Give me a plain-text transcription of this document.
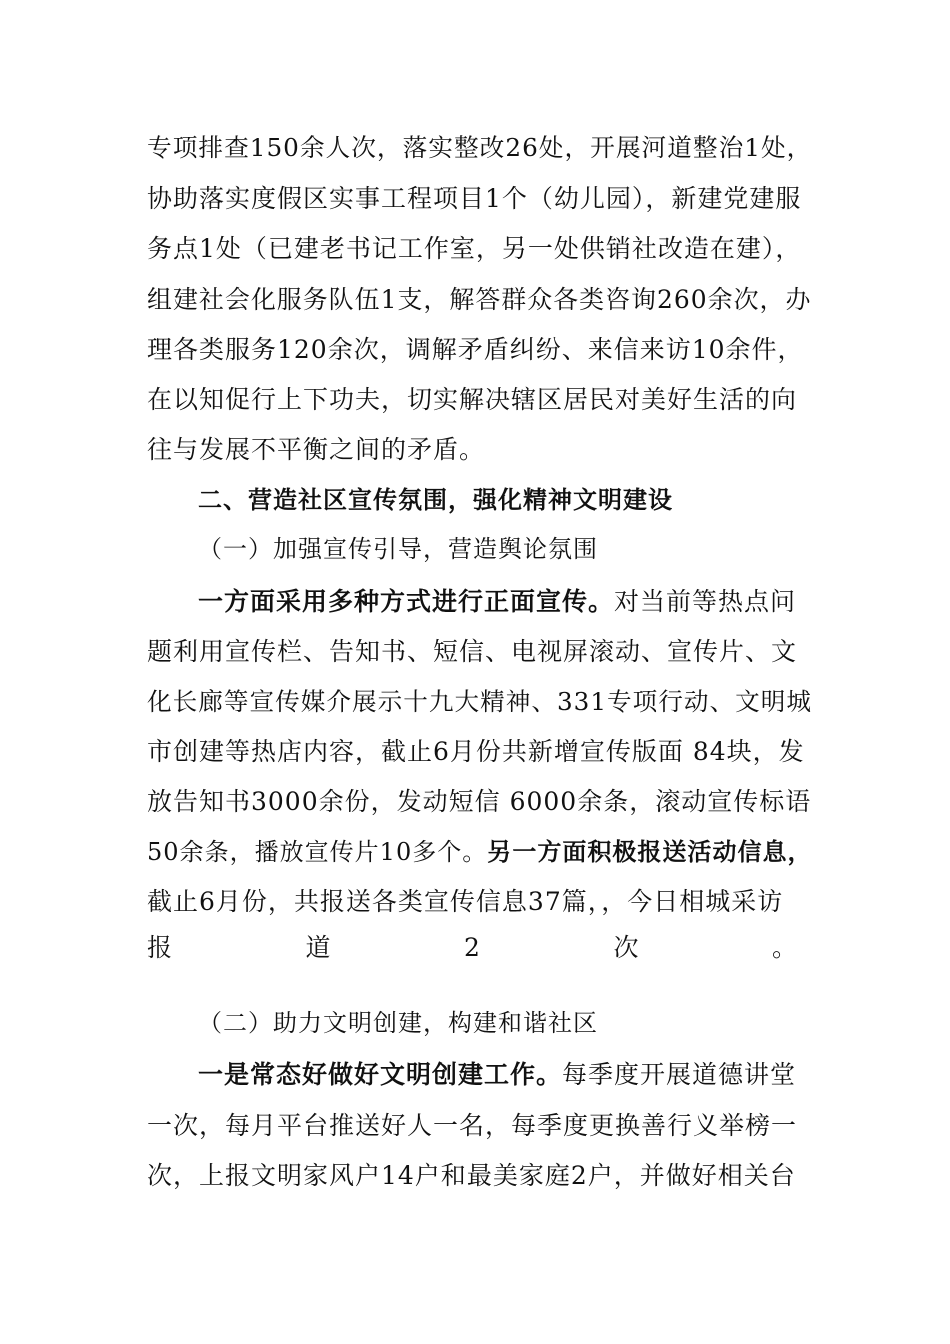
专项排查150余人次，落实整改26处，开展河道整治1处，
协助落实度假区实事工程项目1个（幼儿园），新建党建服
务点1处（已建老书记工作室，另一处供销社改造在建），
组建社会化服务队伍1支，解答群众各类咨询260余次，办
理各类服务120余次，调解矛盾纠纷、来信来访10余件，
在以知促行上下功夫，切实解决辖区居民对美好生活的向
往与发展不平衡之间的矛盾。
二、营造社区宣传氛围，强化精神文明建设
（一）加强宣传引导，营造舆论氛围
一方面采用多种方式进行正面宣传。对当前等热点问
题利用宣传栏、告知书、短信、电视屏滚动、宣传片、文
化长廊等宣传媒介展示十九大精神、331专项行动、文明城
市创建等热店内容，截止6月份共新增宣传版面 84块，发
放告知书3000余份，发动短信 6000余条，滚动宣传标语
50余条，播放宣传片10多个。另一方面积极报送活动信息，
截止6月份，共报送各类宣传信息37篇，，今日相城采访
报	道	2	次	。
（二）助力文明创建，构建和谐社区
一是常态好做好文明创建工作。每季度开展道德讲堂
一次，每月平台推送好人一名，每季度更换善行义举榜一
次，上报文明家风户14户和最美家庭2户，并做好相关台
